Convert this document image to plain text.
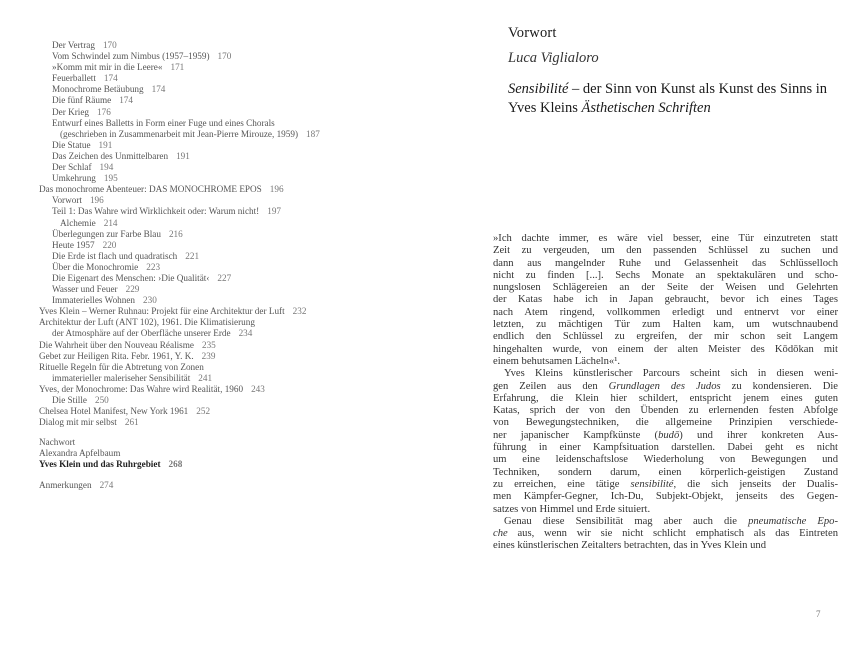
Der Vertrag 170
Vom Schwindel zum Nimbus (1957–1959) 170
»Komm mit mir in die Leere« 171
Feuerballett 174
Monochrome Betäubung 174
Die fünf Räume 174
Der Krieg 176
Entwurf eines Balletts in Form einer Fuge und eines Chorals
(geschrieben in Zusammenarbeit mit Jean-Pierre Mirouze, 1959) 187
Die Statue 191
Das Zeichen des Unmittelbaren 191
Der Schlaf 194
Umkehrung 195
Das monochrome Abenteuer: DAS MONOCHROME EPOS 196
Vorwort 196
Teil 1: Das Wahre wird Wirklichkeit oder: Warum nicht! 197
Alchemie 214
Überlegungen zur Farbe Blau 216
Heute 1957 220
Die Erde ist flach und quadratisch 221
Über die Monochromie 223
Die Eigenart des Menschen: ›Die Qualität‹ 227
Wasser und Feuer 229
Immaterielles Wohnen 230
Yves Klein – Werner Ruhnau: Projekt für eine Architektur der Luft 232
Architektur der Luft (ANT 102), 1961. Die Klimatisierung
der Atmosphäre auf der Oberfläche unserer Erde 234
Die Wahrheit über den Nouveau Réalisme 235
Gebet zur Heiligen Rita. Febr. 1961, Y. K. 239
Rituelle Regeln für die Abtretung von Zonen
immaterieller maleriseher Sensibilität 241
Yves, der Monochrome: Das Wahre wird Realität, 1960 243
Die Stille 250
Chelsea Hotel Manifest, New York 1961 252
Dialog mit mir selbst 261
Nachwort
Alexandra Apfelbaum
Yves Klein und das Ruhrgebiet 268
Anmerkungen 274
Vorwort
Luca Viglialoro

Sensibilité – der Sinn von Kunst als Kunst des Sinns in Yves Kleins Ästhetischen Schriften

»Ich dachte immer, es wäre viel besser, eine Tür einzutreten statt
Zeit zu vergeuden, um den passenden Schlüssel zu suchen und
dann aus mangelnder Ruhe und Gelassenheit das Schlüsselloch
nicht zu finden [...]. Sechs Monate an spektakulären und scho-
nungslosen Schlägereien an der Seite der Weisen und Gelehrten
der Katas habe ich in Japan gebraucht, bevor ich eines Tages
nach Atem ringend, vollkommen erledigt und entnervt vor einer
letzten, zu mächtigen Tür zum Halten kam, um wutschnaubend
endlich den Schlüssel zu ergreifen, der mir schon seit Langem
hingehalten wurde, von einem der alten Meister des Kōdōkan mit
einem behutsamen Lächeln«¹.
Yves Kleins künstlerischer Parcours scheint sich in diesen weni-
gen Zeilen aus den Grundlagen des Judos zu kondensieren. Die
Erfahrung, die Klein hier schildert, entspricht jenem eines guten
Katas, sprich der von den Übenden zu erlernenden festen Abfolge
von Bewegungstechniken, die allgemeine Prinzipien verschiede-
ner japanischer Kampfkünste (budō) und ihrer konkreten Aus-
führung in einer Kampfsituation darstellen. Dabei geht es nicht
um eine leidenschaftslose Wiederholung von Bewegungen und
Techniken, sondern darum, einen körperlich-geistigen Zustand
zu erreichen, eine tätige sensibilité, die sich jenseits der Dualis-
men Kämpfer-Gegner, Ich-Du, Subjekt-Objekt, jenseits des Gegen-
satzes von Himmel und Erde situiert.
Genau diese Sensibilität mag aber auch die pneumatische Epo-
che aus, wenn wir sie nicht schlicht emphatisch als das Eintreten
eines künstlerischen Zeitalters betrachten, das in Yves Klein und
7
